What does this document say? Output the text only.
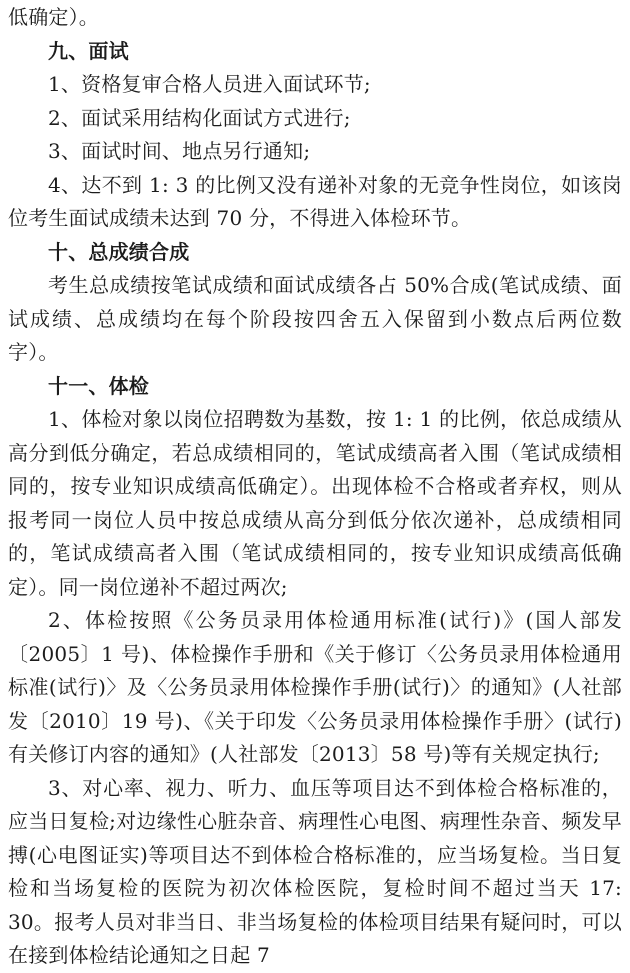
低确定）。

九、面试

1、资格复审合格人员进入面试环节;

2、面试采用结构化面试方式进行;

3、面试时间、地点另行通知;

4、达不到 1: 3 的比例又没有递补对象的无竞争性岗位，如该岗位考生面试成绩未达到 70 分，不得进入体检环节。

十、总成绩合成

考生总成绩按笔试成绩和面试成绩各占 50%合成(笔试成绩、面试成绩、总成绩均在每个阶段按四舍五入保留到小数点后两位数字）。

十一、体检

1、体检对象以岗位招聘数为基数，按 1: 1 的比例，依总成绩从高分到低分确定，若总成绩相同的，笔试成绩高者入围（笔试成绩相同的，按专业知识成绩高低确定）。出现体检不合格或者弃权，则从报考同一岗位人员中按总成绩从高分到低分依次递补，总成绩相同的，笔试成绩高者入围（笔试成绩相同的，按专业知识成绩高低确定）。同一岗位递补不超过两次;

2、体检按照《公务员录用体检通用标准(试行)》(国人部发〔2005〕1 号)、体检操作手册和《关于修订〈公务员录用体检通用标准(试行)〉及〈公务员录用体检操作手册(试行)〉的通知》(人社部发〔2010〕19 号)、《关于印发〈公务员录用体检操作手册〉(试行)有关修订内容的通知》(人社部发〔2013〕58 号)等有关规定执行;

3、对心率、视力、听力、血压等项目达不到体检合格标准的，应当日复检;对边缘性心脏杂音、病理性心电图、病理性杂音、频发早搏(心电图证实)等项目达不到体检合格标准的，应当场复检。当日复检和当场复检的医院为初次体检医院，复检时间不超过当天 17: 30。报考人员对非当日、非当场复检的体检项目结果有疑问时，可以在接到体检结论通知之日起 7
